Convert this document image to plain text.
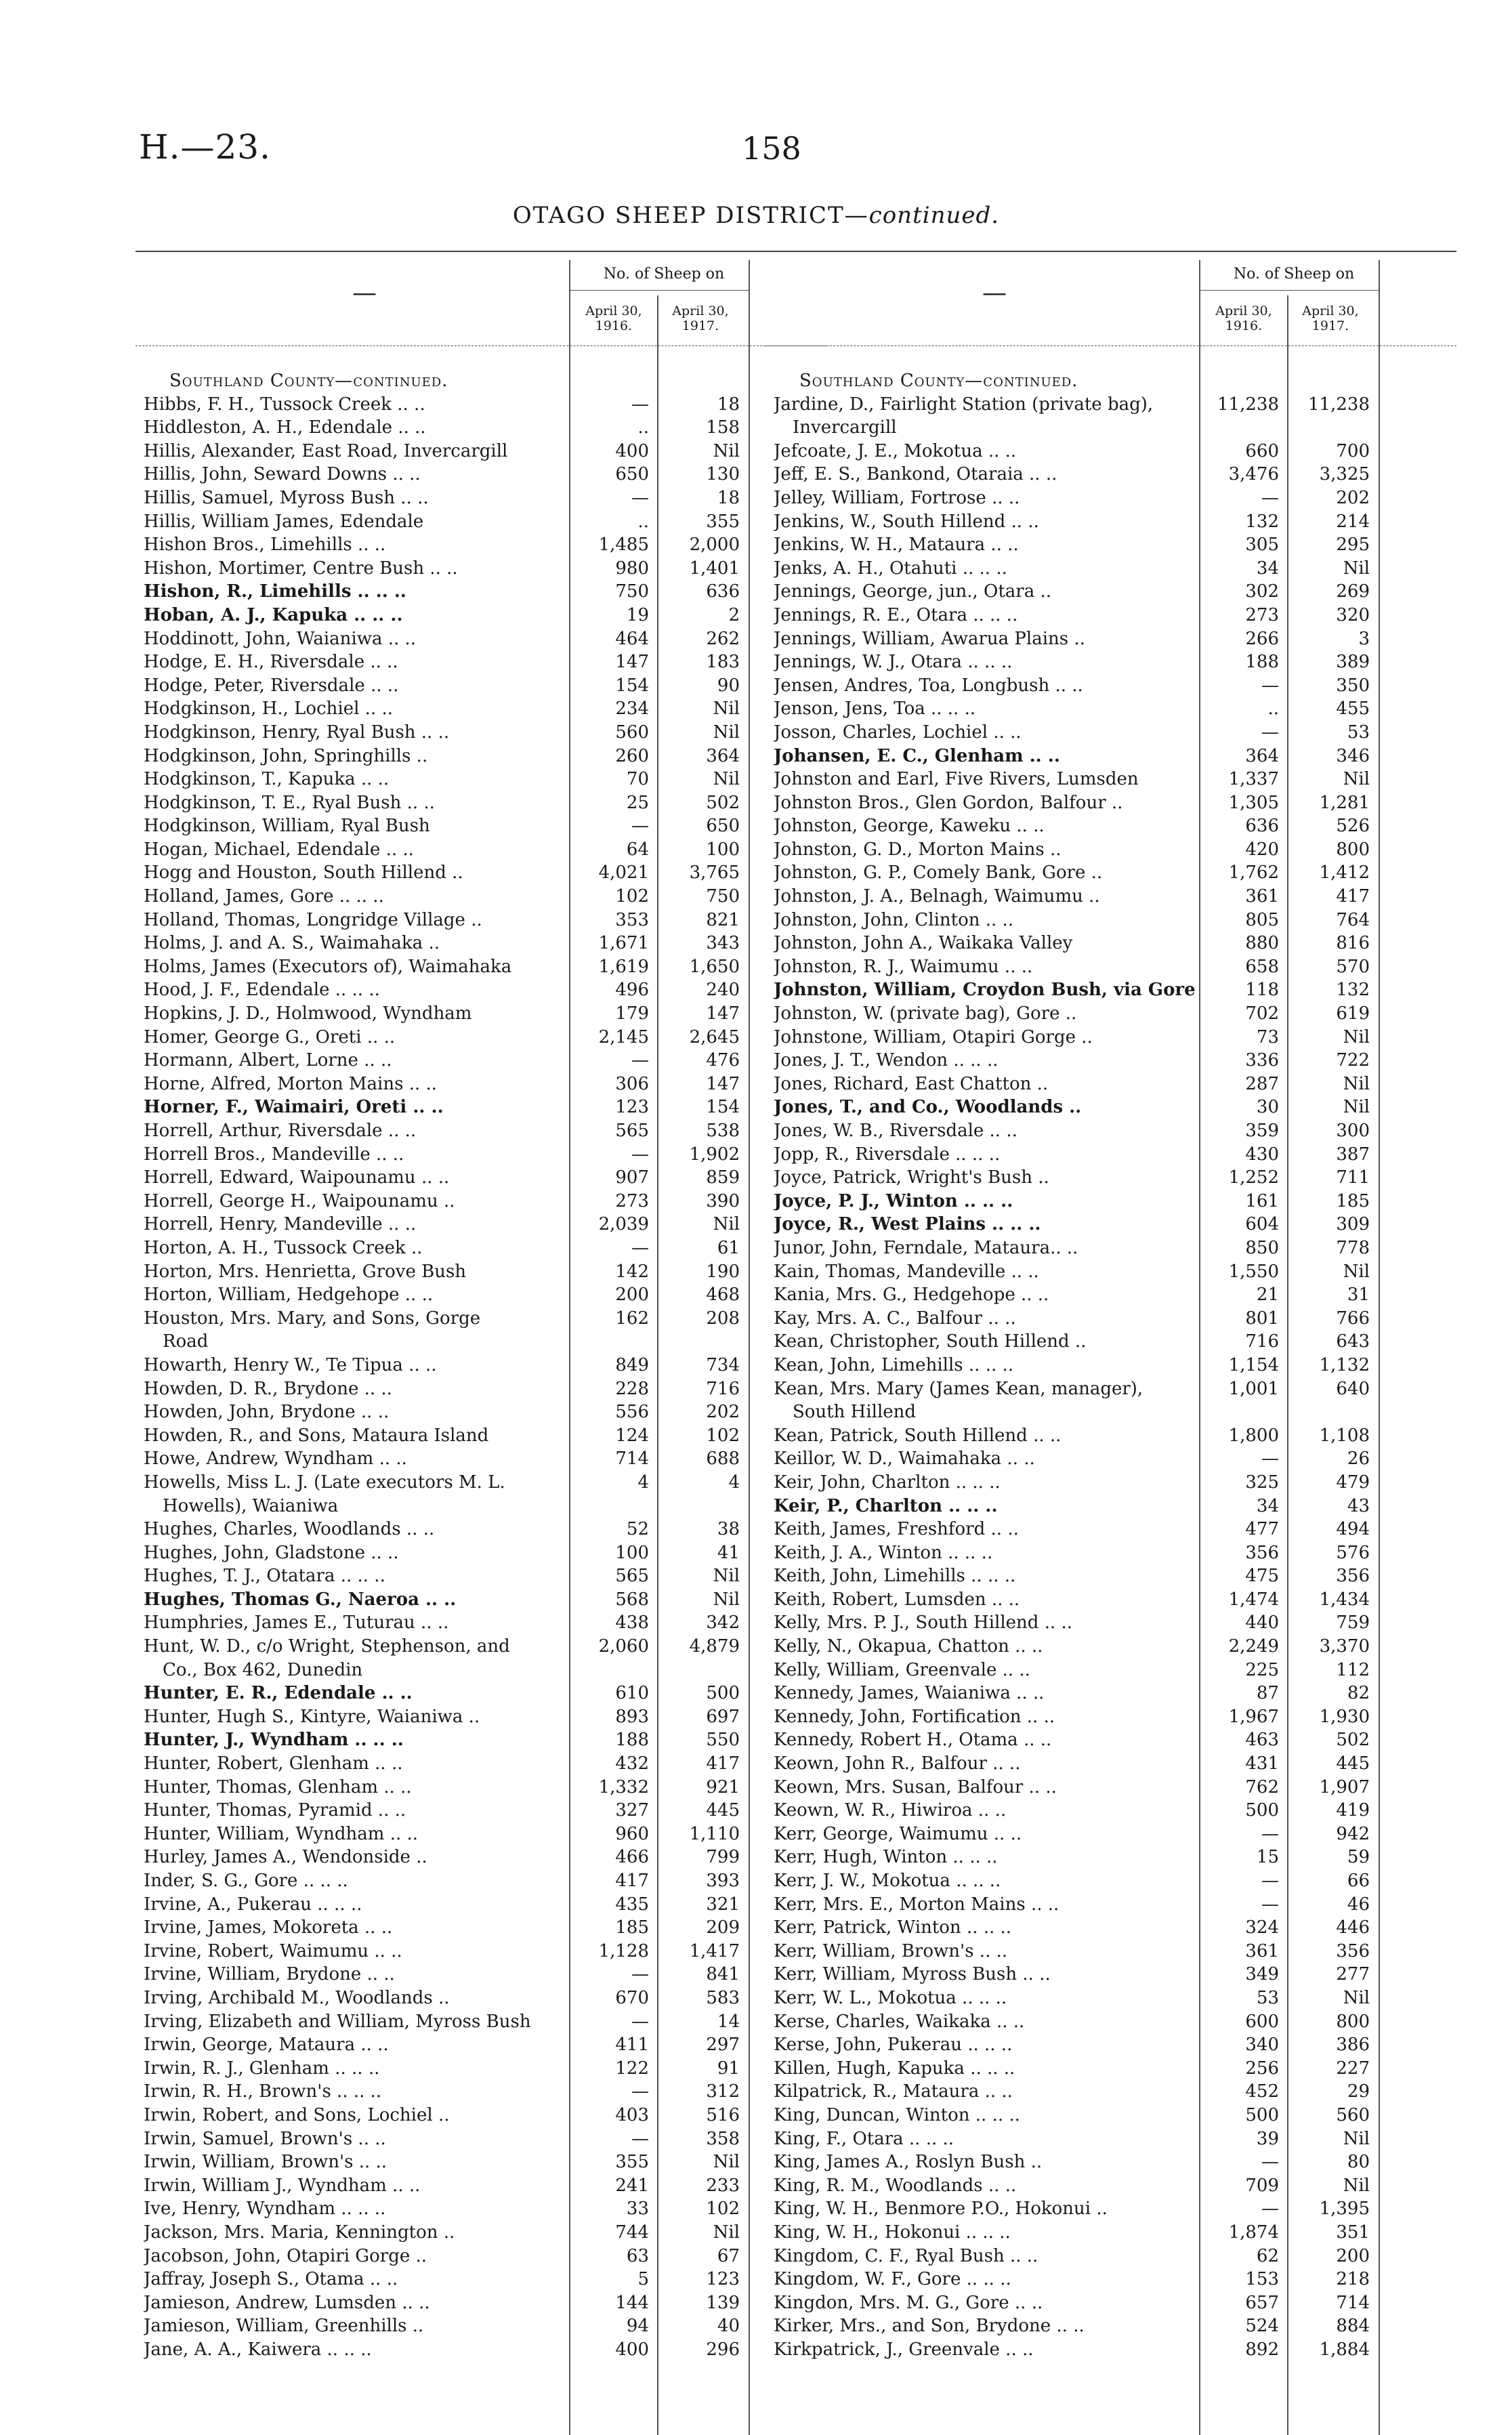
H.—23.	158
OTAGO SHEEP DISTRICT—continued.
—
No. of Sheep on
April 30,
1916.
April 30,
1917.
Southland County—continued.
Hibbs, F. H., Tussock Creek .. ..	—	18
Hiddleston, A. H., Edendale .. ..	..	158
Hillis, Alexander, East Road, Invercargill	400	Nil
Hillis, John, Seward Downs .. ..	650	130
Hillis, Samuel, Myross Bush .. ..	—	18
Hillis, William James, Edendale	..	355
Hishon Bros., Limehills .. ..	1,485	2,000
Hishon, Mortimer, Centre Bush .. ..	980	1,401
Hishon, R., Limehills .. .. ..	750	636
Hoban, A. J., Kapuka .. .. ..	19	2
Hoddinott, John, Waianiwa .. ..	464	262
Hodge, E. H., Riversdale .. ..	147	183
Hodge, Peter, Riversdale .. ..	154	90
Hodgkinson, H., Lochiel .. ..	234	Nil
Hodgkinson, Henry, Ryal Bush .. ..	560	Nil
Hodgkinson, John, Springhills ..	260	364
Hodgkinson, T., Kapuka .. ..	70	Nil
Hodgkinson, T. E., Ryal Bush .. ..	25	502
Hodgkinson, William, Ryal Bush	—	650
Hogan, Michael, Edendale .. ..	64	100
Hogg and Houston, South Hillend ..	4,021	3,765
Holland, James, Gore .. .. ..	102	750
Holland, Thomas, Longridge Village ..	353	821
Holms, J. and A. S., Waimahaka ..	1,671	343
Holms, James (Executors of), Waimahaka	1,619	1,650
Hood, J. F., Edendale .. .. ..	496	240
Hopkins, J. D., Holmwood, Wyndham	179	147
Homer, George G., Oreti .. ..	2,145	2,645
Hormann, Albert, Lorne .. ..	—	476
Horne, Alfred, Morton Mains .. ..	306	147
Horner, F., Waimairi, Oreti .. ..	123	154
Horrell, Arthur, Riversdale .. ..	565	538
Horrell Bros., Mandeville .. ..	—	1,902
Horrell, Edward, Waipounamu .. ..	907	859
Horrell, George H., Waipounamu ..	273	390
Horrell, Henry, Mandeville .. ..	2,039	Nil
Horton, A. H., Tussock Creek ..	—	61
Horton, Mrs. Henrietta, Grove Bush	142	190
Horton, William, Hedgehope .. ..	200	468
Houston, Mrs. Mary, and Sons, Gorge	162	208
Road
Howarth, Henry W., Te Tipua .. ..	849	734
Howden, D. R., Brydone .. ..	228	716
Howden, John, Brydone .. ..	556	202
Howden, R., and Sons, Mataura Island	124	102
Howe, Andrew, Wyndham .. ..	714	688
Howells, Miss L. J. (Late executors M. L.	4	4
Howells), Waianiwa
Hughes, Charles, Woodlands .. ..	52	38
Hughes, John, Gladstone .. ..	100	41
Hughes, T. J., Otatara .. .. ..	565	Nil
Hughes, Thomas G., Naeroa .. ..	568	Nil
Humphries, James E., Tuturau .. ..	438	342
Hunt, W. D., c/o Wright, Stephenson, and	2,060	4,879
Co., Box 462, Dunedin
Hunter, E. R., Edendale .. ..	610	500
Hunter, Hugh S., Kintyre, Waianiwa ..	893	697
Hunter, J., Wyndham .. .. ..	188	550
Hunter, Robert, Glenham .. ..	432	417
Hunter, Thomas, Glenham .. ..	1,332	921
Hunter, Thomas, Pyramid .. ..	327	445
Hunter, William, Wyndham .. ..	960	1,110
Hurley, James A., Wendonside ..	466	799
Inder, S. G., Gore .. .. ..	417	393
Irvine, A., Pukerau .. .. ..	435	321
Irvine, James, Mokoreta .. ..	185	209
Irvine, Robert, Waimumu .. ..	1,128	1,417
Irvine, William, Brydone .. ..	—	841
Irving, Archibald M., Woodlands ..	670	583
Irving, Elizabeth and William, Myross Bush	—	14
Irwin, George, Mataura .. ..	411	297
Irwin, R. J., Glenham .. .. ..	122	91
Irwin, R. H., Brown's .. .. ..	—	312
Irwin, Robert, and Sons, Lochiel ..	403	516
Irwin, Samuel, Brown's .. ..	—	358
Irwin, William, Brown's .. ..	355	Nil
Irwin, William J., Wyndham .. ..	241	233
Ive, Henry, Wyndham .. .. ..	33	102
Jackson, Mrs. Maria, Kennington ..	744	Nil
Jacobson, John, Otapiri Gorge ..	63	67
Jaffray, Joseph S., Otama .. ..	5	123
Jamieson, Andrew, Lumsden .. ..	144	139
Jamieson, William, Greenhills ..	94	40
Jane, A. A., Kaiwera .. .. ..	400	296
—
No. of Sheep on
April 30,
1916.
April 30,
1917.
Southland County—continued.
Jardine, D., Fairlight Station (private bag),	11,238	11,238
Invercargill
Jefcoate, J. E., Mokotua .. ..	660	700
Jeff, E. S., Bankond, Otaraia .. ..	3,476	3,325
Jelley, William, Fortrose .. ..	—	202
Jenkins, W., South Hillend .. ..	132	214
Jenkins, W. H., Mataura .. ..	305	295
Jenks, A. H., Otahuti .. .. ..	34	Nil
Jennings, George, jun., Otara ..	302	269
Jennings, R. E., Otara .. .. ..	273	320
Jennings, William, Awarua Plains ..	266	3
Jennings, W. J., Otara .. .. ..	188	389
Jensen, Andres, Toa, Longbush .. ..	—	350
Jenson, Jens, Toa .. .. ..	..	455
Josson, Charles, Lochiel .. ..	—	53
Johansen, E. C., Glenham .. ..	364	346
Johnston and Earl, Five Rivers, Lumsden	1,337	Nil
Johnston Bros., Glen Gordon, Balfour ..	1,305	1,281
Johnston, George, Kaweku .. ..	636	526
Johnston, G. D., Morton Mains ..	420	800
Johnston, G. P., Comely Bank, Gore ..	1,762	1,412
Johnston, J. A., Belnagh, Waimumu ..	361	417
Johnston, John, Clinton .. ..	805	764
Johnston, John A., Waikaka Valley	880	816
Johnston, R. J., Waimumu .. ..	658	570
Johnston, William, Croydon Bush, via Gore	118	132
Johnston, W. (private bag), Gore ..	702	619
Johnstone, William, Otapiri Gorge ..	73	Nil
Jones, J. T., Wendon .. .. ..	336	722
Jones, Richard, East Chatton ..	287	Nil
Jones, T., and Co., Woodlands ..	30	Nil
Jones, W. B., Riversdale .. ..	359	300
Jopp, R., Riversdale .. .. ..	430	387
Joyce, Patrick, Wright's Bush ..	1,252	711
Joyce, P. J., Winton .. .. ..	161	185
Joyce, R., West Plains .. .. ..	604	309
Junor, John, Ferndale, Mataura.. ..	850	778
Kain, Thomas, Mandeville .. ..	1,550	Nil
Kania, Mrs. G., Hedgehope .. ..	21	31
Kay, Mrs. A. C., Balfour .. ..	801	766
Kean, Christopher, South Hillend ..	716	643
Kean, John, Limehills .. .. ..	1,154	1,132
Kean, Mrs. Mary (James Kean, manager),	1,001	640
South Hillend
Kean, Patrick, South Hillend .. ..	1,800	1,108
Keillor, W. D., Waimahaka .. ..	—	26
Keir, John, Charlton .. .. ..	325	479
Keir, P., Charlton .. .. ..	34	43
Keith, James, Freshford .. ..	477	494
Keith, J. A., Winton .. .. ..	356	576
Keith, John, Limehills .. .. ..	475	356
Keith, Robert, Lumsden .. ..	1,474	1,434
Kelly, Mrs. P. J., South Hillend .. ..	440	759
Kelly, N., Okapua, Chatton .. ..	2,249	3,370
Kelly, William, Greenvale .. ..	225	112
Kennedy, James, Waianiwa .. ..	87	82
Kennedy, John, Fortification .. ..	1,967	1,930
Kennedy, Robert H., Otama .. ..	463	502
Keown, John R., Balfour .. ..	431	445
Keown, Mrs. Susan, Balfour .. ..	762	1,907
Keown, W. R., Hiwiroa .. ..	500	419
Kerr, George, Waimumu .. ..	—	942
Kerr, Hugh, Winton .. .. ..	15	59
Kerr, J. W., Mokotua .. .. ..	—	66
Kerr, Mrs. E., Morton Mains .. ..	—	46
Kerr, Patrick, Winton .. .. ..	324	446
Kerr, William, Brown's .. ..	361	356
Kerr, William, Myross Bush .. ..	349	277
Kerr, W. L., Mokotua .. .. ..	53	Nil
Kerse, Charles, Waikaka .. ..	600	800
Kerse, John, Pukerau .. .. ..	340	386
Killen, Hugh, Kapuka .. .. ..	256	227
Kilpatrick, R., Mataura .. ..	452	29
King, Duncan, Winton .. .. ..	500	560
King, F., Otara .. .. ..	39	Nil
King, James A., Roslyn Bush ..	—	80
King, R. M., Woodlands .. ..	709	Nil
King, W. H., Benmore P.O., Hokonui ..	—	1,395
King, W. H., Hokonui .. .. ..	1,874	351
Kingdom, C. F., Ryal Bush .. ..	62	200
Kingdom, W. F., Gore .. .. ..	153	218
Kingdon, Mrs. M. G., Gore .. ..	657	714
Kirker, Mrs., and Son, Brydone .. ..	524	884
Kirkpatrick, J., Greenvale .. ..	892	1,884
